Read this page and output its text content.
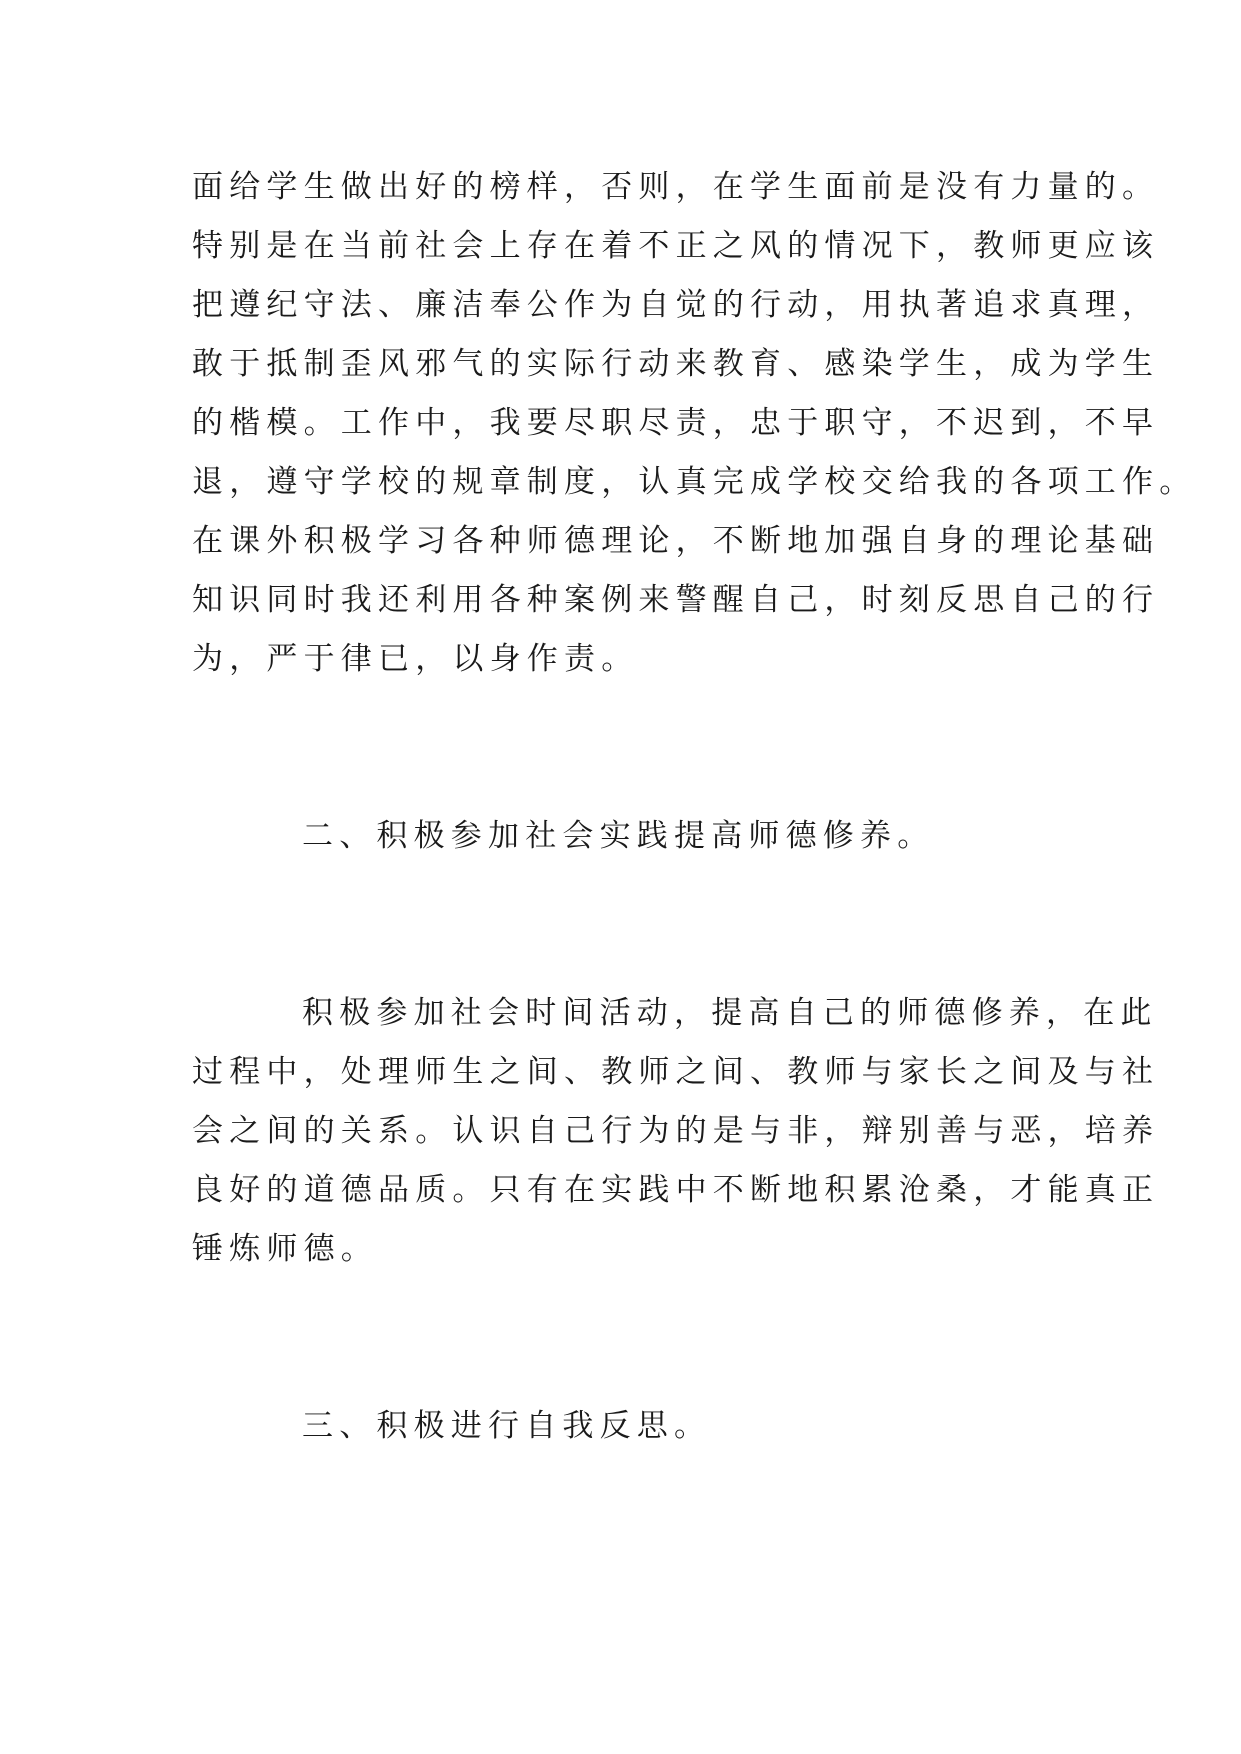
面给学生做出好的榜样，否则，在学生面前是没有力量的。
特别是在当前社会上存在着不正之风的情况下，教师更应该
把遵纪守法、廉洁奉公作为自觉的行动，用执著追求真理，
敢于抵制歪风邪气的实际行动来教育、感染学生，成为学生
的楷模。工作中，我要尽职尽责，忠于职守，不迟到，不早
退，遵守学校的规章制度，认真完成学校交给我的各项工作。
在课外积极学习各种师德理论，不断地加强自身的理论基础
知识同时我还利用各种案例来警醒自己，时刻反思自己的行
为，严于律已，以身作责。
二、积极参加社会实践提高师德修养。
积极参加社会时间活动，提高自己的师德修养，在此
过程中，处理师生之间、教师之间、教师与家长之间及与社
会之间的关系。认识自己行为的是与非，辩别善与恶，培养
良好的道德品质。只有在实践中不断地积累沧桑，才能真正
锤炼师德。
三、积极进行自我反思。
